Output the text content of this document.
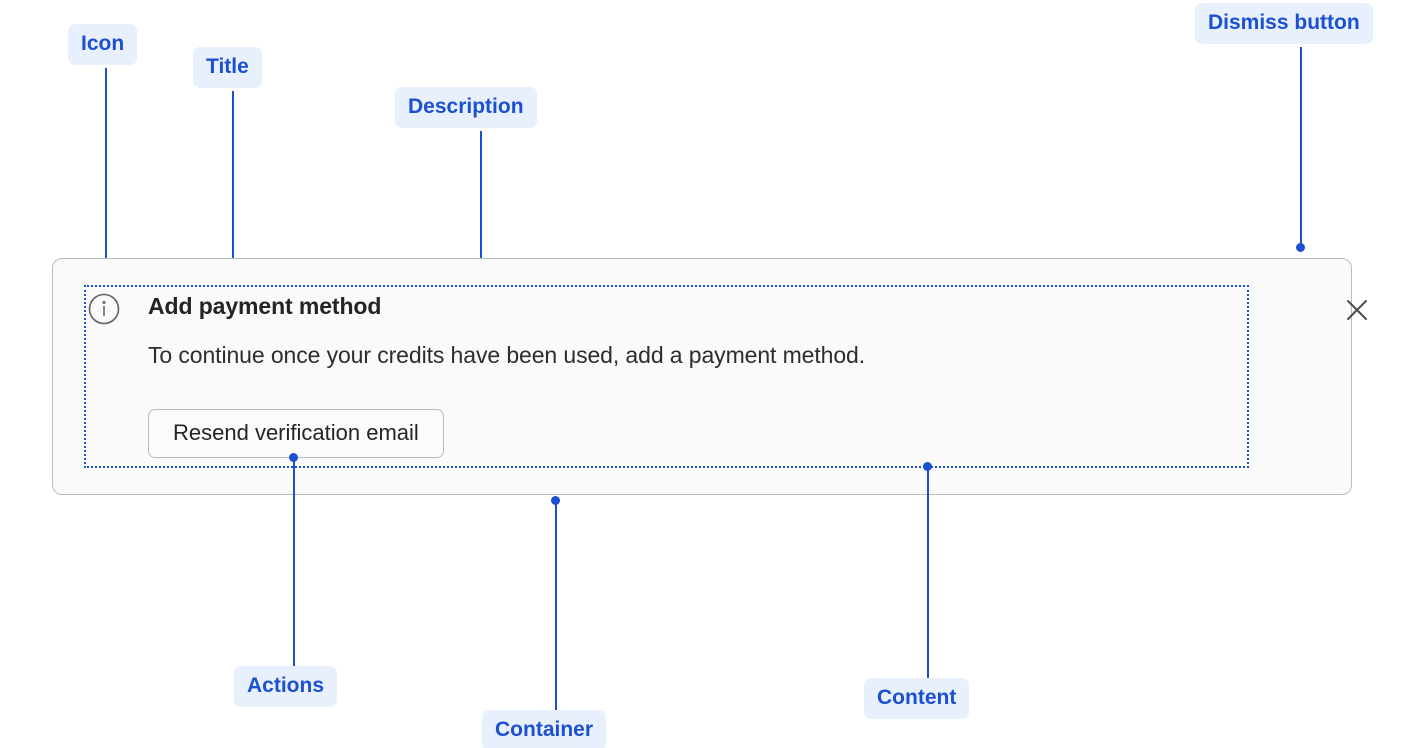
Icon
Title
Description
Dismiss button
Add payment method
To continue once your credits have been used, add a payment method.
Resend verification email
Actions
Container
Content
